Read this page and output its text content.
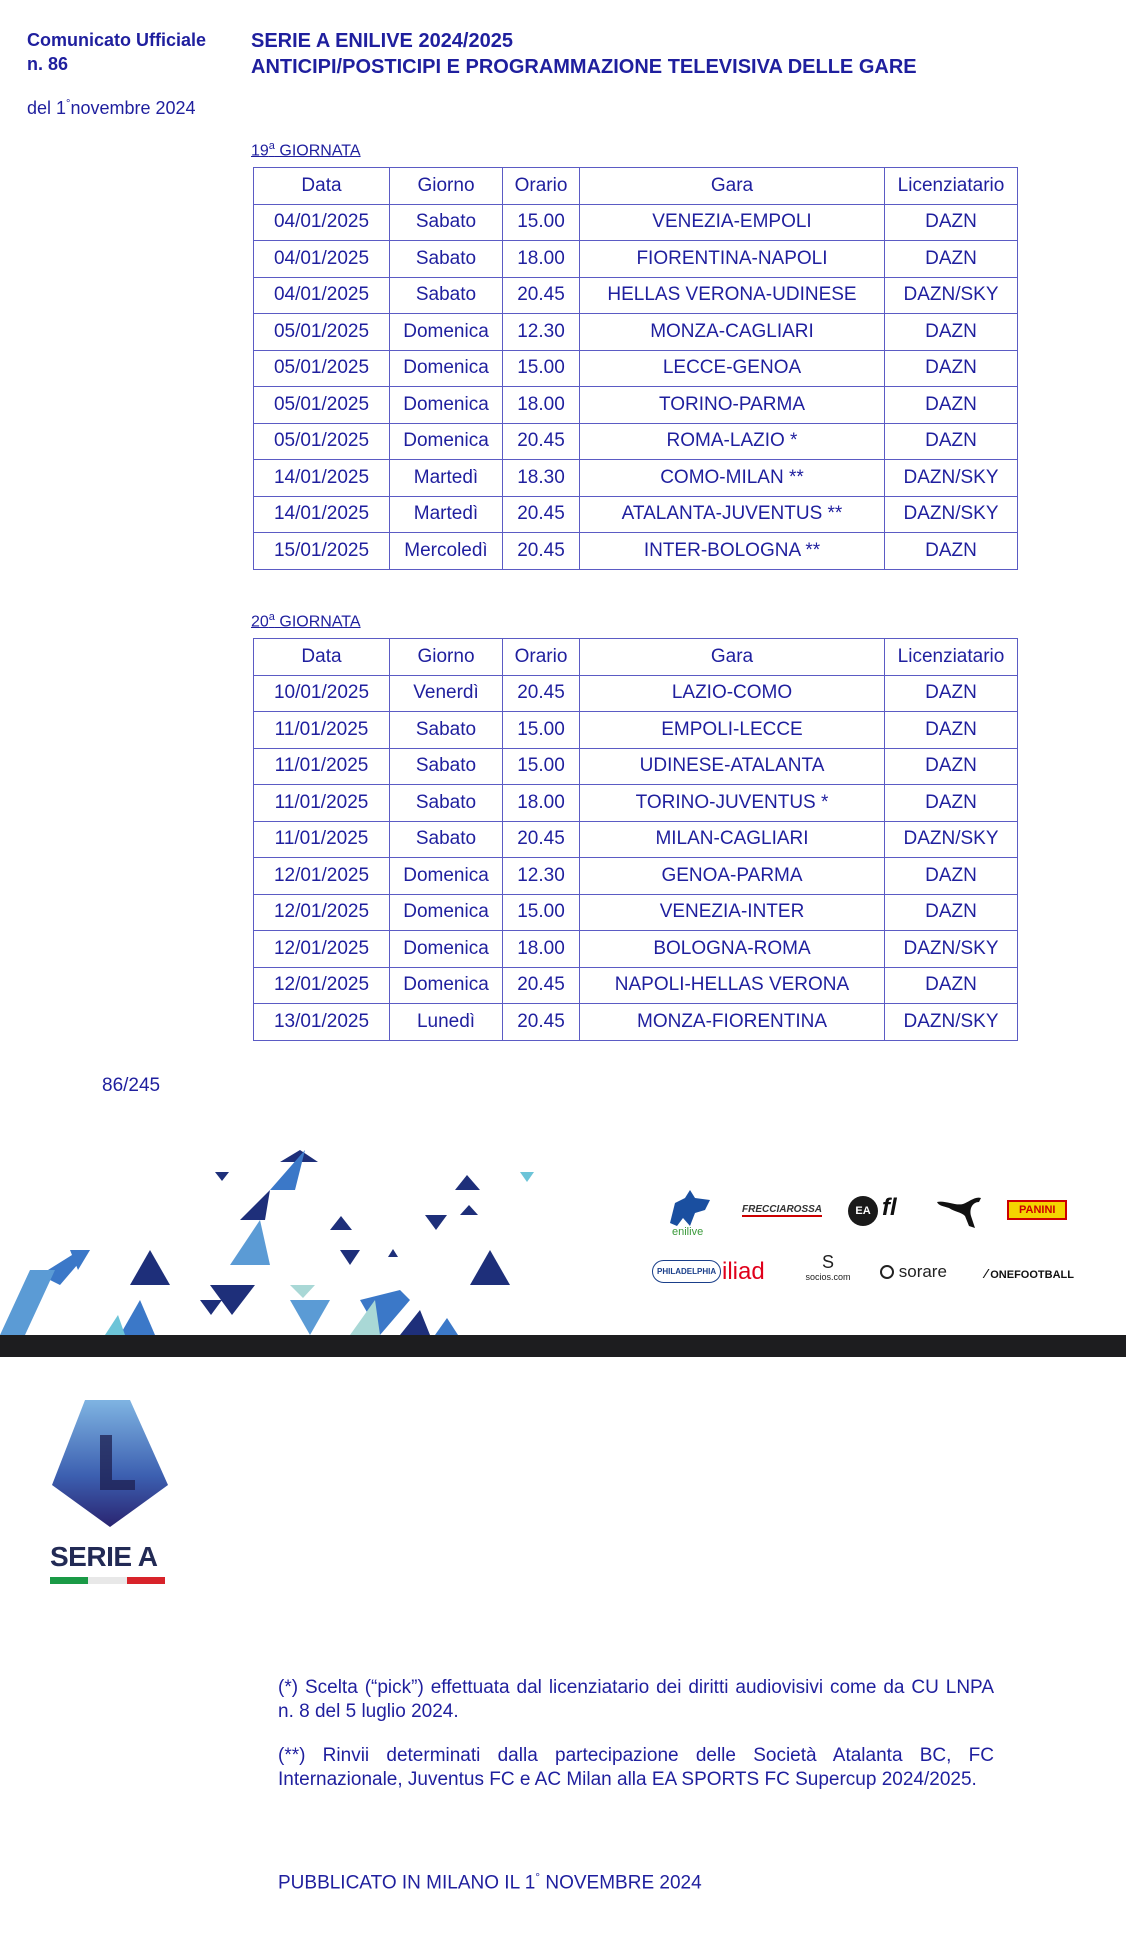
Comunicato Ufficiale
n. 86
del 1°novembre 2024
SERIE A ENILIVE 2024/2025
ANTICIPI/POSTICIPI E PROGRAMMAZIONE TELEVISIVA DELLE GARE
19$^a$ GIORNATA
Data	Giorno	Orario	Gara	Licenziatario
04/01/2025	Sabato	15.00	VENEZIA-EMPOLI	DAZN
04/01/2025	Sabato	18.00	FIORENTINA-NAPOLI	DAZN
04/01/2025	Sabato	20.45	HELLAS VERONA-UDINESE	DAZN/SKY
05/01/2025	Domenica	12.30	MONZA-CAGLIARI	DAZN
05/01/2025	Domenica	15.00	LECCE-GENOA	DAZN
05/01/2025	Domenica	18.00	TORINO-PARMA	DAZN
05/01/2025	Domenica	20.45	ROMA-LAZIO *	DAZN
14/01/2025	Martedì	18.30	COMO-MILAN **	DAZN/SKY
14/01/2025	Martedì	20.45	ATALANTA-JUVENTUS **	DAZN/SKY
15/01/2025	Mercoledì	20.45	INTER-BOLOGNA **	DAZN
20$^a$ GIORNATA
Data	Giorno	Orario	Gara	Licenziatario
10/01/2025	Venerdì	20.45	LAZIO-COMO	DAZN
11/01/2025	Sabato	15.00	EMPOLI-LECCE	DAZN
11/01/2025	Sabato	15.00	UDINESE-ATALANTA	DAZN
11/01/2025	Sabato	18.00	TORINO-JUVENTUS *	DAZN
11/01/2025	Sabato	20.45	MILAN-CAGLIARI	DAZN/SKY
12/01/2025	Domenica	12.30	GENOA-PARMA	DAZN
12/01/2025	Domenica	15.00	VENEZIA-INTER	DAZN
12/01/2025	Domenica	18.00	BOLOGNA-ROMA	DAZN/SKY
12/01/2025	Domenica	20.45	NAPOLI-HELLAS VERONA	DAZN
13/01/2025	Lunedì	20.45	MONZA-FIORENTINA	DAZN/SKY
86/245
enilive
FRECCIAROSSA	EA ﬂ	PANINI
PHILADELPHIA iliad	S
socios.com	sorare	⁄ ONEFOOTBALL
SERIE A

(*) Scelta (“pick”) effettuata dal licenziatario dei diritti audiovisivi come da CU LNPA n. 8 del 5 luglio 2024.

(**) Rinvii determinati dalla partecipazione delle Società Atalanta BC, FC Internazionale, Juventus FC e AC Milan alla EA SPORTS FC Supercup 2024/2025.

PUBBLICATO IN MILANO IL 1° NOVEMBRE 2024
